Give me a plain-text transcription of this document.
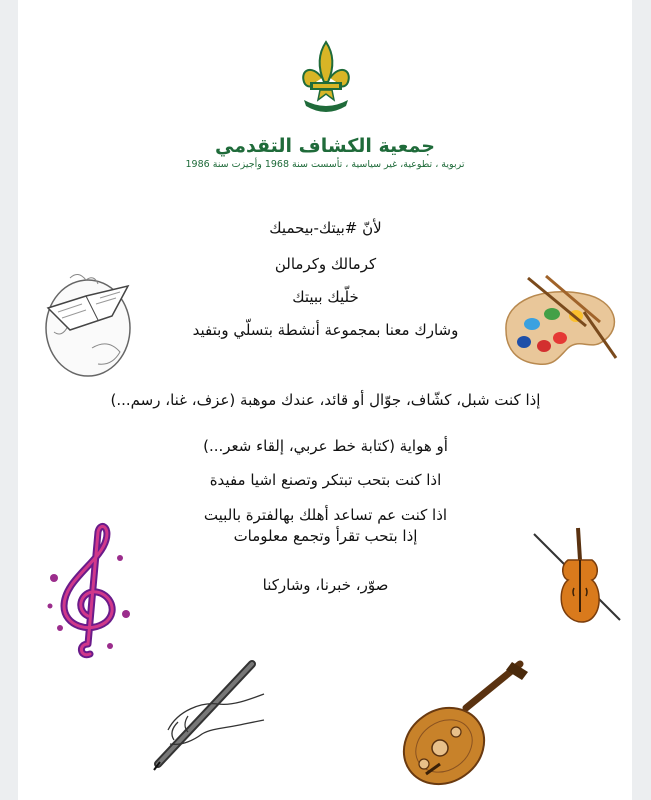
جمعية الكشاف التقدمي
تربوية ، تطوعية، غير سياسية ، تأسست سنة 1968 وأجيزت سنة 1986
لأنّ #بيتك-بيحميك
كرمالك وكرمالن
خلّيك ببيتك
وشارك معنا بمجموعة أنشطة بتسلّي وبتفيد
إذا كنت شبل، كشّاف، جوّال أو قائد، عندك موهبة (عزف، غنا، رسم...)
أو هواية (كتابة خط عربي، إلقاء شعر...)
اذا كنت بتحب تبتكر وتصنع اشيا مفيدة
اذا كنت عم تساعد أهلك بهالفترة بالبيت
إذا بتحب تقرأ وتجمع معلومات
صوّر، خبرنا، وشاركنا
